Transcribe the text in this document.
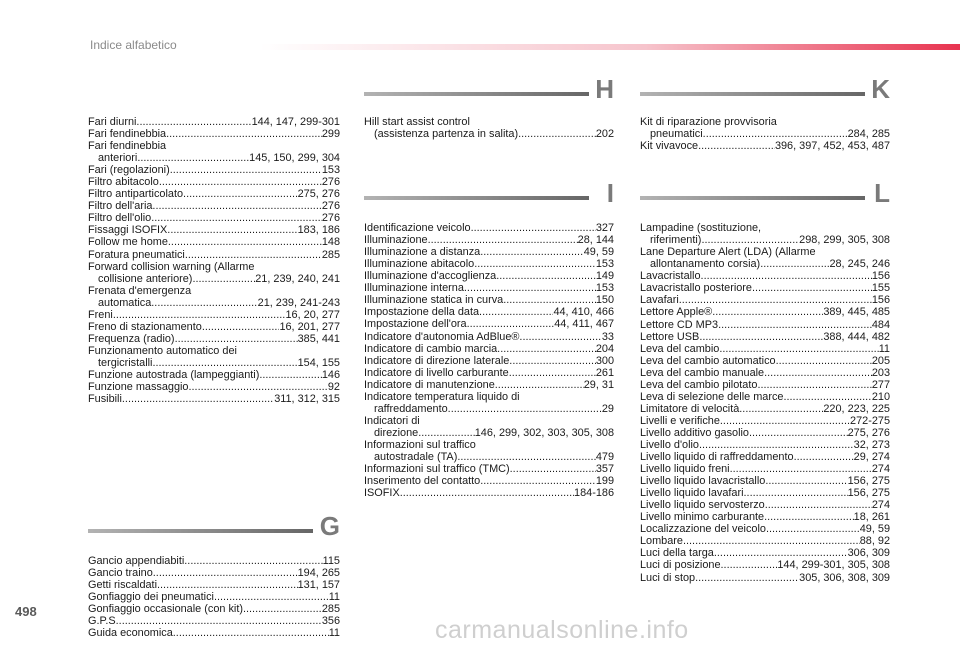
Indice alfabetico
H	K
Fari diurni .....	144, 147, 299-301
Fari fendinebbia .....	299
Fari fendinebbia
anteriori .....	145, 150, 299, 304
Fari (regolazioni) .....	153
Filtro abitacolo .....	276
Filtro antiparticolato .....	275, 276
Filtro dell'aria .....	276
Filtro dell'olio .....	276
Fissaggi ISOFIX .....	183, 186
Follow me home .....	148
Foratura pneumatici .....	285
Forward collision warning (Allarme
collisione anteriore) .....	21, 239, 240, 241
Frenata d'emergenza
automatica .....	21, 239, 241-243
Freni .....	16, 20, 277
Freno di stazionamento .....	16, 201, 277
Frequenza (radio) .....	385, 441
Funzionamento automatico dei
tergicristalli .....	154, 155
Funzione autostrada (lampeggianti) .....	146
Funzione massaggio .....	92
Fusibili .....	311, 312, 315
G
Gancio appendiabiti .....	115
Gancio traino .....	194, 265
Getti riscaldati .....	131, 157
Gonfiaggio dei pneumatici .....	11
Gonfiaggio occasionale (con kit) .....	285
G.P.S. .....	356
Guida economica .....	11
Hill start assist control
(assistenza partenza in salita) .....	202
I
Identificazione veicolo .....	327
Illuminazione .....	28, 144
Illuminazione a distanza .....	49, 59
Illuminazione abitacolo .....	153
Illuminazione d'accoglienza .....	149
Illuminazione interna .....	153
Illuminazione statica in curva .....	150
Impostazione della data .....	44, 410, 466
Impostazione dell'ora .....	44, 411, 467
Indicatore d'autonomia AdBlue® .....	33
Indicatore di cambio marcia .....	204
Indicatore di direzione laterale .....	300
Indicatore di livello carburante .....	261
Indicatore di manutenzione .....	29, 31
Indicatore temperatura liquido di
raffreddamento .....	29
Indicatori di
direzione .....	146, 299, 302, 303, 305, 308
Informazioni sul traffico
autostradale (TA) .....	479
Informazioni sul traffico (TMC) .....	357
Inserimento del contatto .....	199
ISOFIX .....	184-186
Kit di riparazione provvisoria
pneumatici .....	284, 285
Kit vivavoce .....	396, 397, 452, 453, 487
L
Lampadine (sostituzione,
riferimenti) .....	298, 299, 305, 308
Lane Departure Alert (LDA) (Allarme
allontanamento corsia) .....	28, 245, 246
Lavacristallo .....	156
Lavacristallo posteriore .....	155
Lavafari .....	156
Lettore Apple® .....	389, 445, 485
Lettore CD MP3 .....	484
Lettore USB .....	388, 444, 482
Leva del cambio .....	11
Leva del cambio automatico .....	205
Leva del cambio manuale .....	203
Leva del cambio pilotato .....	277
Leva di selezione delle marce .....	210
Limitatore di velocità .....	220, 223, 225
Livelli e verifiche .....	272-275
Livello additivo gasolio .....	275, 276
Livello d'olio .....	32, 273
Livello liquido di raffreddamento .....	29, 274
Livello liquido freni .....	274
Livello liquido lavacristallo .....	156, 275
Livello liquido lavafari .....	156, 275
Livello liquido servosterzo .....	274
Livello minimo carburante .....	18, 261
Localizzazione del veicolo .....	49, 59
Lombare .....	88, 92
Luci della targa .....	306, 309
Luci di posizione .....	144, 299-301, 305, 308
Luci di stop .....	305, 306, 308, 309
498
carmanualsonline.info
